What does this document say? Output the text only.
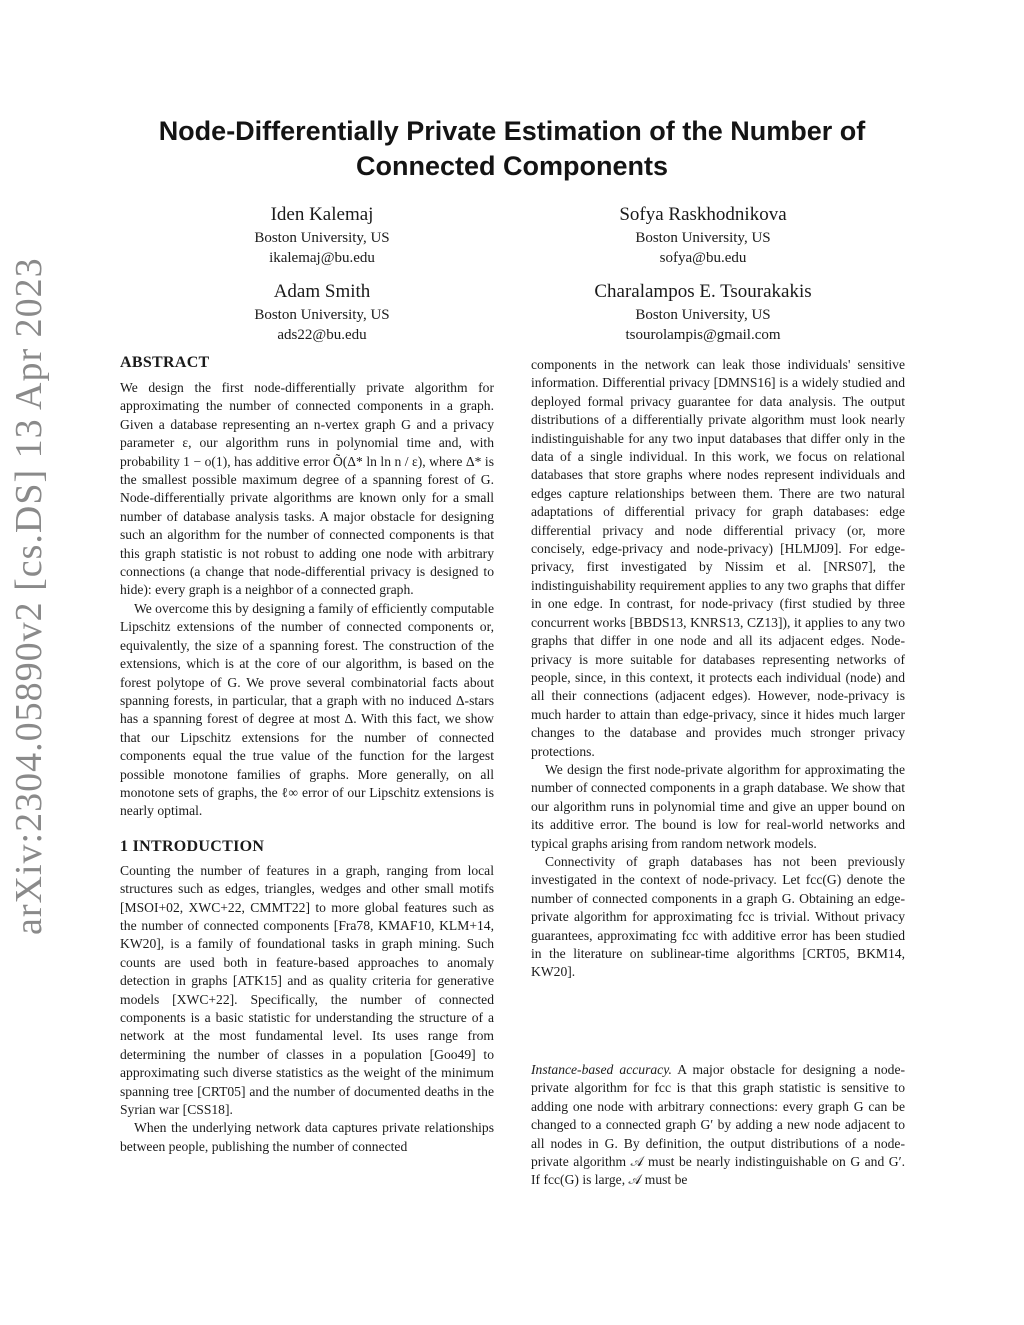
arXiv:2304.05890v2 [cs.DS] 13 Apr 2023
Node-Differentially Private Estimation of the Number of Connected Components
Iden Kalemaj
Boston University, US
ikalemaj@bu.edu
Sofya Raskhodnikova
Boston University, US
sofya@bu.edu
Adam Smith
Boston University, US
ads22@bu.edu
Charalampos E. Tsourakakis
Boston University, US
tsourolampis@gmail.com
ABSTRACT

We design the first node-differentially private algorithm for approximating the number of connected components in a graph. Given a database representing an n-vertex graph G and a privacy parameter ε, our algorithm runs in polynomial time and, with probability 1 − o(1), has additive error Õ(Δ* ln ln n / ε), where Δ* is the smallest possible maximum degree of a spanning forest of G. Node-differentially private algorithms are known only for a small number of database analysis tasks. A major obstacle for designing such an algorithm for the number of connected components is that this graph statistic is not robust to adding one node with arbitrary connections (a change that node-differential privacy is designed to hide): every graph is a neighbor of a connected graph.

We overcome this by designing a family of efficiently computable Lipschitz extensions of the number of connected components or, equivalently, the size of a spanning forest. The construction of the extensions, which is at the core of our algorithm, is based on the forest polytope of G. We prove several combinatorial facts about spanning forests, in particular, that a graph with no induced Δ-stars has a spanning forest of degree at most Δ. With this fact, we show that our Lipschitz extensions for the number of connected components equal the true value of the function for the largest possible monotone families of graphs. More generally, on all monotone sets of graphs, the ℓ∞ error of our Lipschitz extensions is nearly optimal.

1 INTRODUCTION

Counting the number of features in a graph, ranging from local structures such as edges, triangles, wedges and other small motifs [MSOI+02, XWC+22, CMMT22] to more global features such as the number of connected components [Fra78, KMAF10, KLM+14, KW20], is a family of foundational tasks in graph mining. Such counts are used both in feature-based approaches to anomaly detection in graphs [ATK15] and as quality criteria for generative models [XWC+22]. Specifically, the number of connected components is a basic statistic for understanding the structure of a network at the most fundamental level. Its uses range from determining the number of classes in a population [Goo49] to approximating such diverse statistics as the weight of the minimum spanning tree [CRT05] and the number of documented deaths in the Syrian war [CSS18].

When the underlying network data captures private relationships between people, publishing the number of connected

components in the network can leak those individuals' sensitive information. Differential privacy [DMNS16] is a widely studied and deployed formal privacy guarantee for data analysis. The output distributions of a differentially private algorithm must look nearly indistinguishable for any two input databases that differ only in the data of a single individual. In this work, we focus on relational databases that store graphs where nodes represent individuals and edges capture relationships between them. There are two natural adaptations of differential privacy for graph databases: edge differential privacy and node differential privacy (or, more concisely, edge-privacy and node-privacy) [HLMJ09]. For edge-privacy, first investigated by Nissim et al. [NRS07], the indistinguishability requirement applies to any two graphs that differ in one edge. In contrast, for node-privacy (first studied by three concurrent works [BBDS13, KNRS13, CZ13]), it applies to any two graphs that differ in one node and all its adjacent edges. Node-privacy is more suitable for databases representing networks of people, since, in this context, it protects each individual (node) and all their connections (adjacent edges). However, node-privacy is much harder to attain than edge-privacy, since it hides much larger changes to the database and provides much stronger privacy protections.

We design the first node-private algorithm for approximating the number of connected components in a graph database. We show that our algorithm runs in polynomial time and give an upper bound on its additive error. The bound is low for real-world networks and typical graphs arising from random network models.

Connectivity of graph databases has not been previously investigated in the context of node-privacy. Let fcc(G) denote the number of connected components in a graph G. Obtaining an edge-private algorithm for approximating fcc is trivial. Without privacy guarantees, approximating fcc with additive error has been studied in the literature on sublinear-time algorithms [CRT05, BKM14, KW20].

Instance-based accuracy. A major obstacle for designing a node-private algorithm for fcc is that this graph statistic is sensitive to adding one node with arbitrary connections: every graph G can be changed to a connected graph G′ by adding a new node adjacent to all nodes in G. By definition, the output distributions of a node-private algorithm 𝒜 must be nearly indistinguishable on G and G′. If fcc(G) is large, 𝒜 must be
